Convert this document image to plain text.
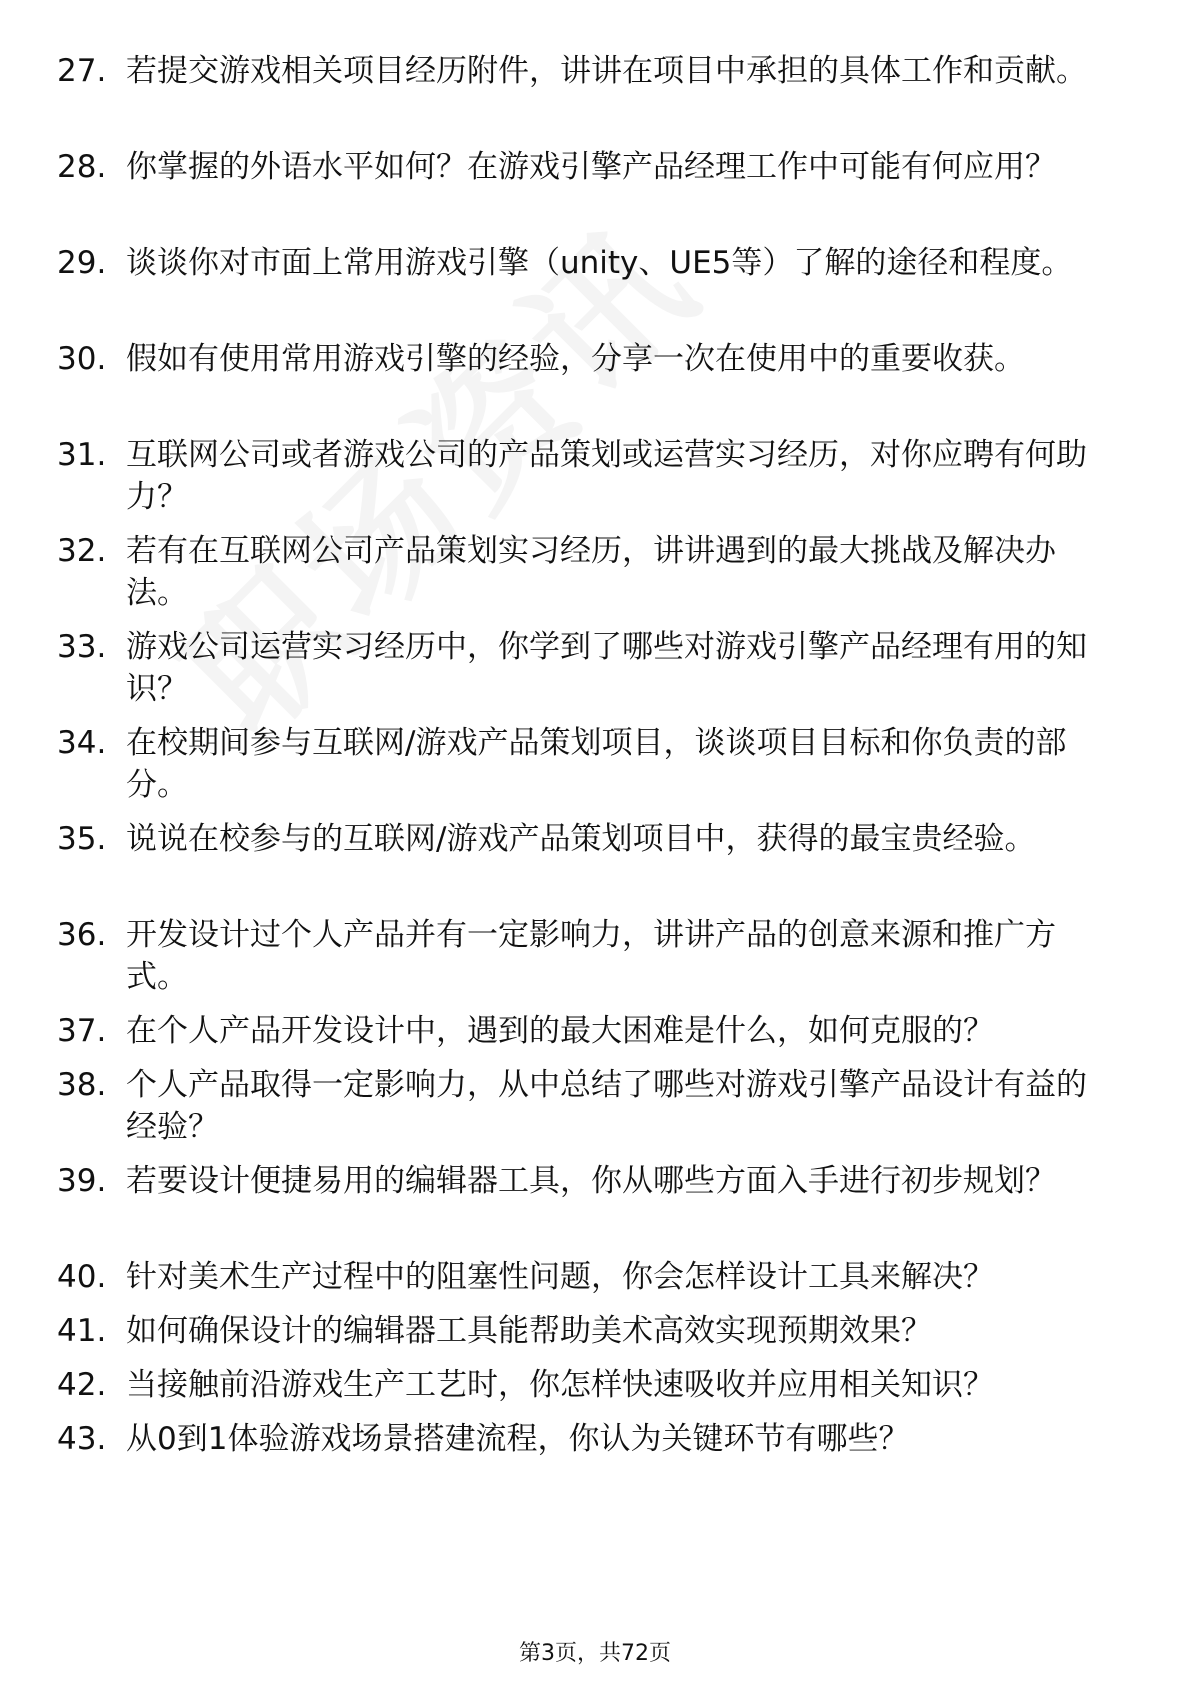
27. 若提交游戏相关项目经历附件，讲讲在项目中承担的具体工作和贡献。
28. 你掌握的外语水平如何？在游戏引擎产品经理工作中可能有何应用？
29. 谈谈你对市面上常用游戏引擎（unity、UE5等）了解的途径和程度。
30. 假如有使用常用游戏引擎的经验，分享一次在使用中的重要收获。
31. 互联网公司或者游戏公司的产品策划或运营实习经历，对你应聘有何助力？
32. 若有在互联网公司产品策划实习经历，讲讲遇到的最大挑战及解决办法。
33. 游戏公司运营实习经历中，你学到了哪些对游戏引擎产品经理有用的知识？
34. 在校期间参与互联网/游戏产品策划项目，谈谈项目目标和你负责的部分。
35. 说说在校参与的互联网/游戏产品策划项目中，获得的最宝贵经验。
36. 开发设计过个人产品并有一定影响力，讲讲产品的创意来源和推广方式。
37. 在个人产品开发设计中，遇到的最大困难是什么，如何克服的？
38. 个人产品取得一定影响力，从中总结了哪些对游戏引擎产品设计有益的经验？
39. 若要设计便捷易用的编辑器工具，你从哪些方面入手进行初步规划？
40. 针对美术生产过程中的阻塞性问题，你会怎样设计工具来解决？
41. 如何确保设计的编辑器工具能帮助美术高效实现预期效果？
42. 当接触前沿游戏生产工艺时，你怎样快速吸收并应用相关知识？
43. 从0到1体验游戏场景搭建流程，你认为关键环节有哪些？
第3页，共72页
